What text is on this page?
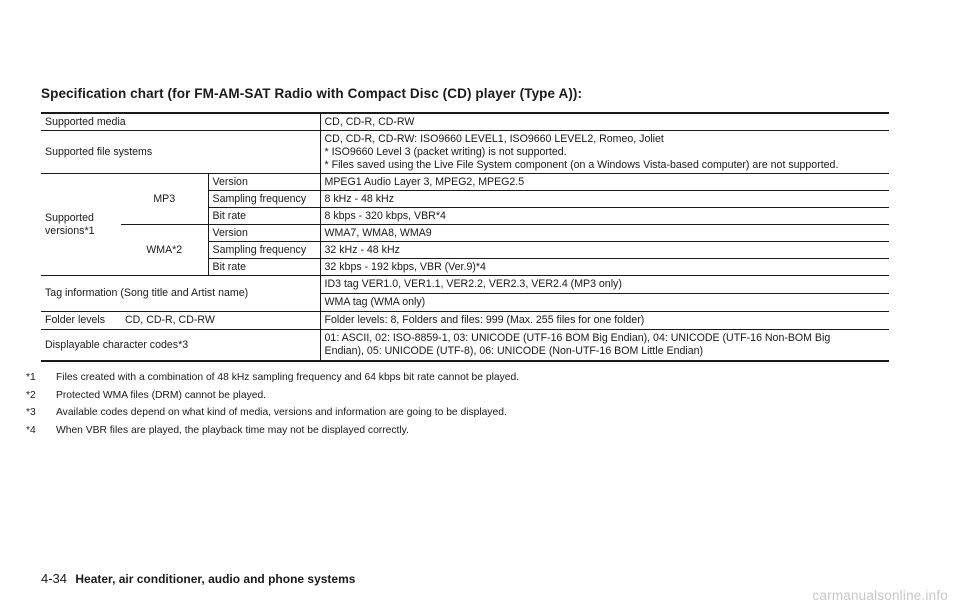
Specification chart (for FM-AM-SAT Radio with Compact Disc (CD) player (Type A)):
Supported media			CD, CD-R, CD-RW
Supported file systems			CD, CD-R, CD-RW: ISO9660 LEVEL1, ISO9660 LEVEL2, Romeo, Joliet
* ISO9660 Level 3 (packet writing) is not supported.
* Files saved using the Live File System component (on a Windows Vista-based computer) are not supported.

Supported
versions*1	MP3	Version	MPEG1 Audio Layer 3, MPEG2, MPEG2.5
		Sampling frequency	8 kHz - 48 kHz
		Bit rate	8 kbps - 320 kbps, VBR*4
	WMA*2	Version	WMA7, WMA8, WMA9
		Sampling frequency	32 kHz - 48 kHz
		Bit rate	32 kbps - 192 kbps, VBR (Ver.9)*4
Tag information (Song title and Artist name)			ID3 tag VER1.0, VER1.1, VER2.2, VER2.3, VER2.4 (MP3 only)
			WMA tag (WMA only)
Folder levels	CD, CD-R, CD-RW		Folder levels: 8, Folders and files: 999 (Max. 255 files for one folder)
Displayable character codes*3			01: ASCII, 02: ISO-8859-1, 03: UNICODE (UTF-16 BOM Big Endian), 04: UNICODE (UTF-16 Non-BOM Big
Endian), 05: UNICODE (UTF-8), 06: UNICODE (Non-UTF-16 BOM Little Endian)
*1	Files created with a combination of 48 kHz sampling frequency and 64 kbps bit rate cannot be played.
*2	Protected WMA files (DRM) cannot be played.
*3	Available codes depend on what kind of media, versions and information are going to be displayed.
*4	When VBR files are played, the playback time may not be displayed correctly.
4-34 Heater, air conditioner, audio and phone systems
carmanualsonline.info
